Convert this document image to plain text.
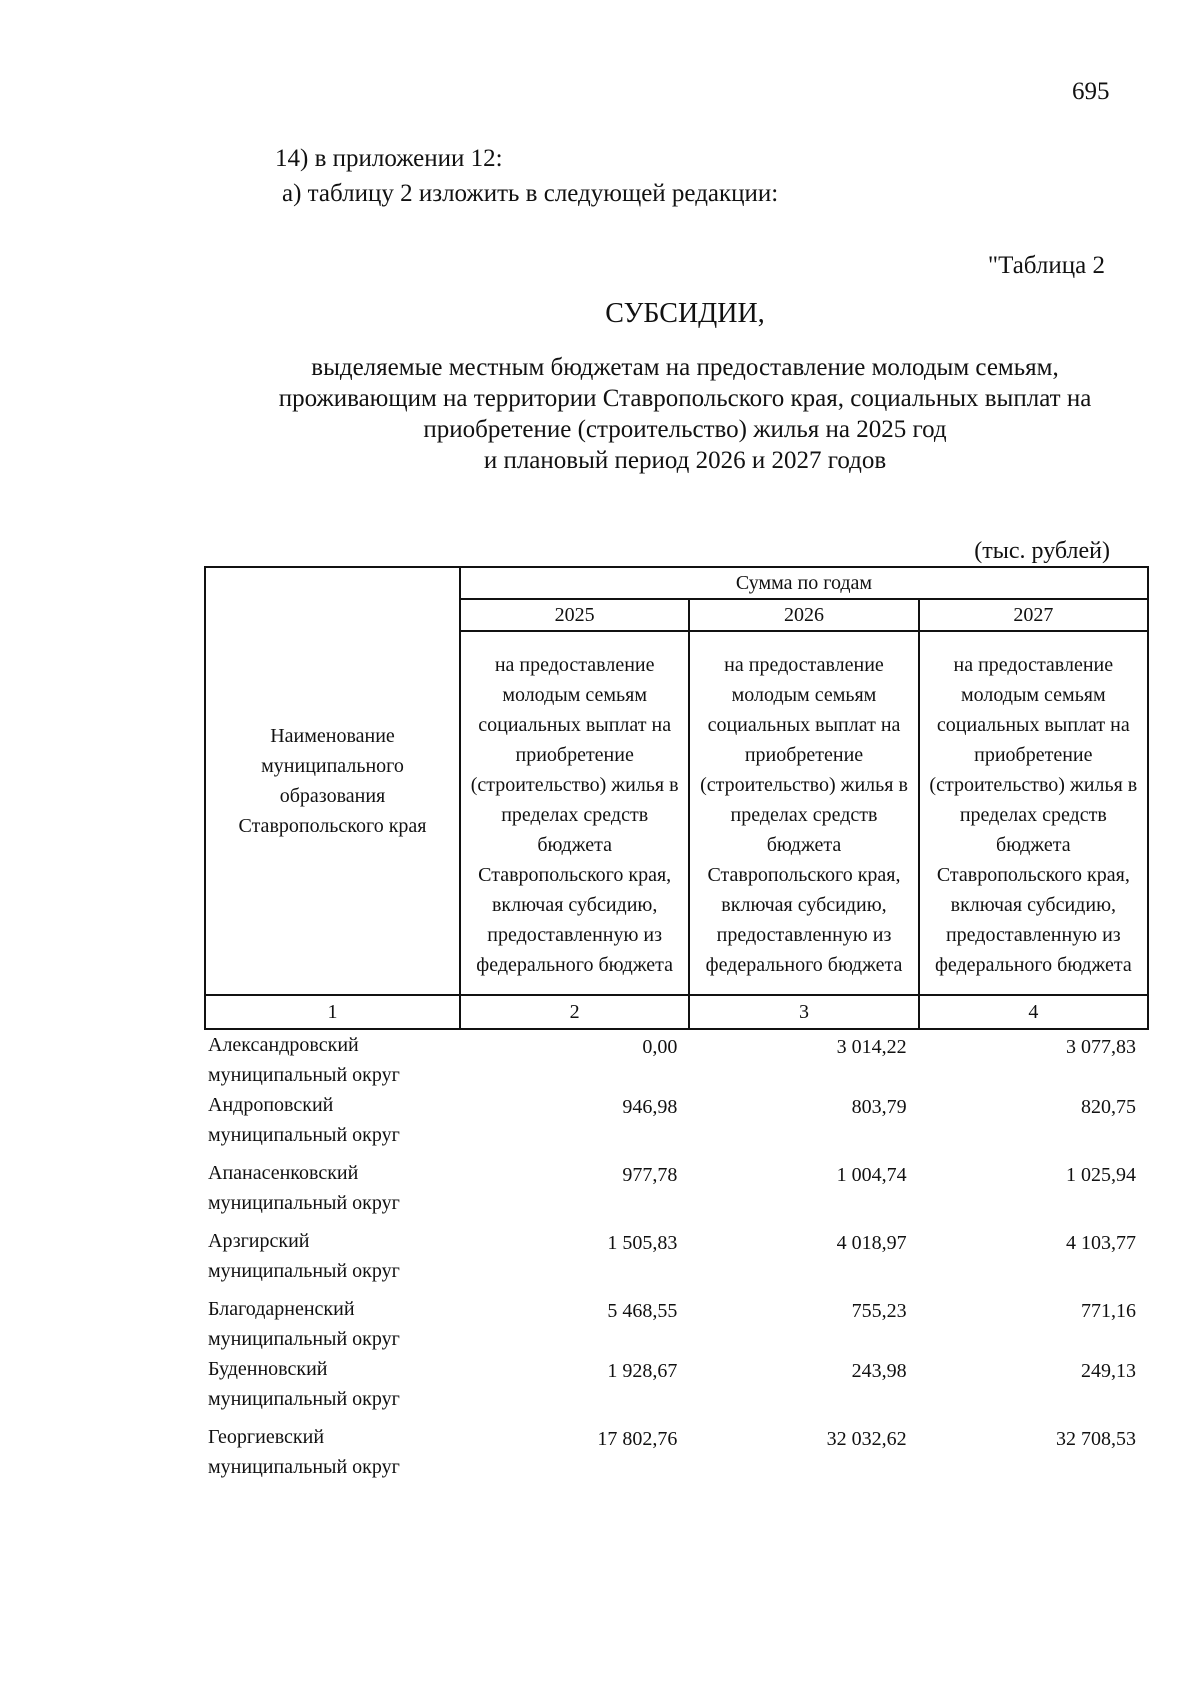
695
14) в приложении 12:
а) таблицу 2 изложить в следующей редакции:
"Таблица 2
СУБСИДИИ,
выделяемые местным бюджетам на предоставление молодым семьям,
проживающим на территории Ставропольского края, социальных выплат на
приобретение (строительство) жилья на 2025 год
и плановый период 2026 и 2027 годов
(тыс. рублей)
Наименование муниципального образования Ставропольского края	Сумма по годам		
	2025	2026	2027
	на предоставление молодым семьям социальных выплат на приобретение (строительство) жилья в пределах средств бюджета Ставропольского края, включая субсидию, предоставленную из федерального бюджета	на предоставление молодым семьям социальных выплат на приобретение (строительство) жилья в пределах средств бюджета Ставропольского края, включая субсидию, предоставленную из федерального бюджета	на предоставление молодым семьям социальных выплат на приобретение (строительство) жилья в пределах средств бюджета Ставропольского края, включая субсидию, предоставленную из федерального бюджета
1	2	3	4

Александровский
муниципальный округ	0,00	3 014,22	3 077,83

Андроповский
муниципальный округ	946,98	803,79	820,75

Апанасенковский
муниципальный округ	977,78	1 004,74	1 025,94

Арзгирский
муниципальный округ	1 505,83	4 018,97	4 103,77

Благодарненский
муниципальный округ	5 468,55	755,23	771,16

Буденновский
муниципальный округ	1 928,67	243,98	249,13

Георгиевский
муниципальный округ	17 802,76	32 032,62	32 708,53
